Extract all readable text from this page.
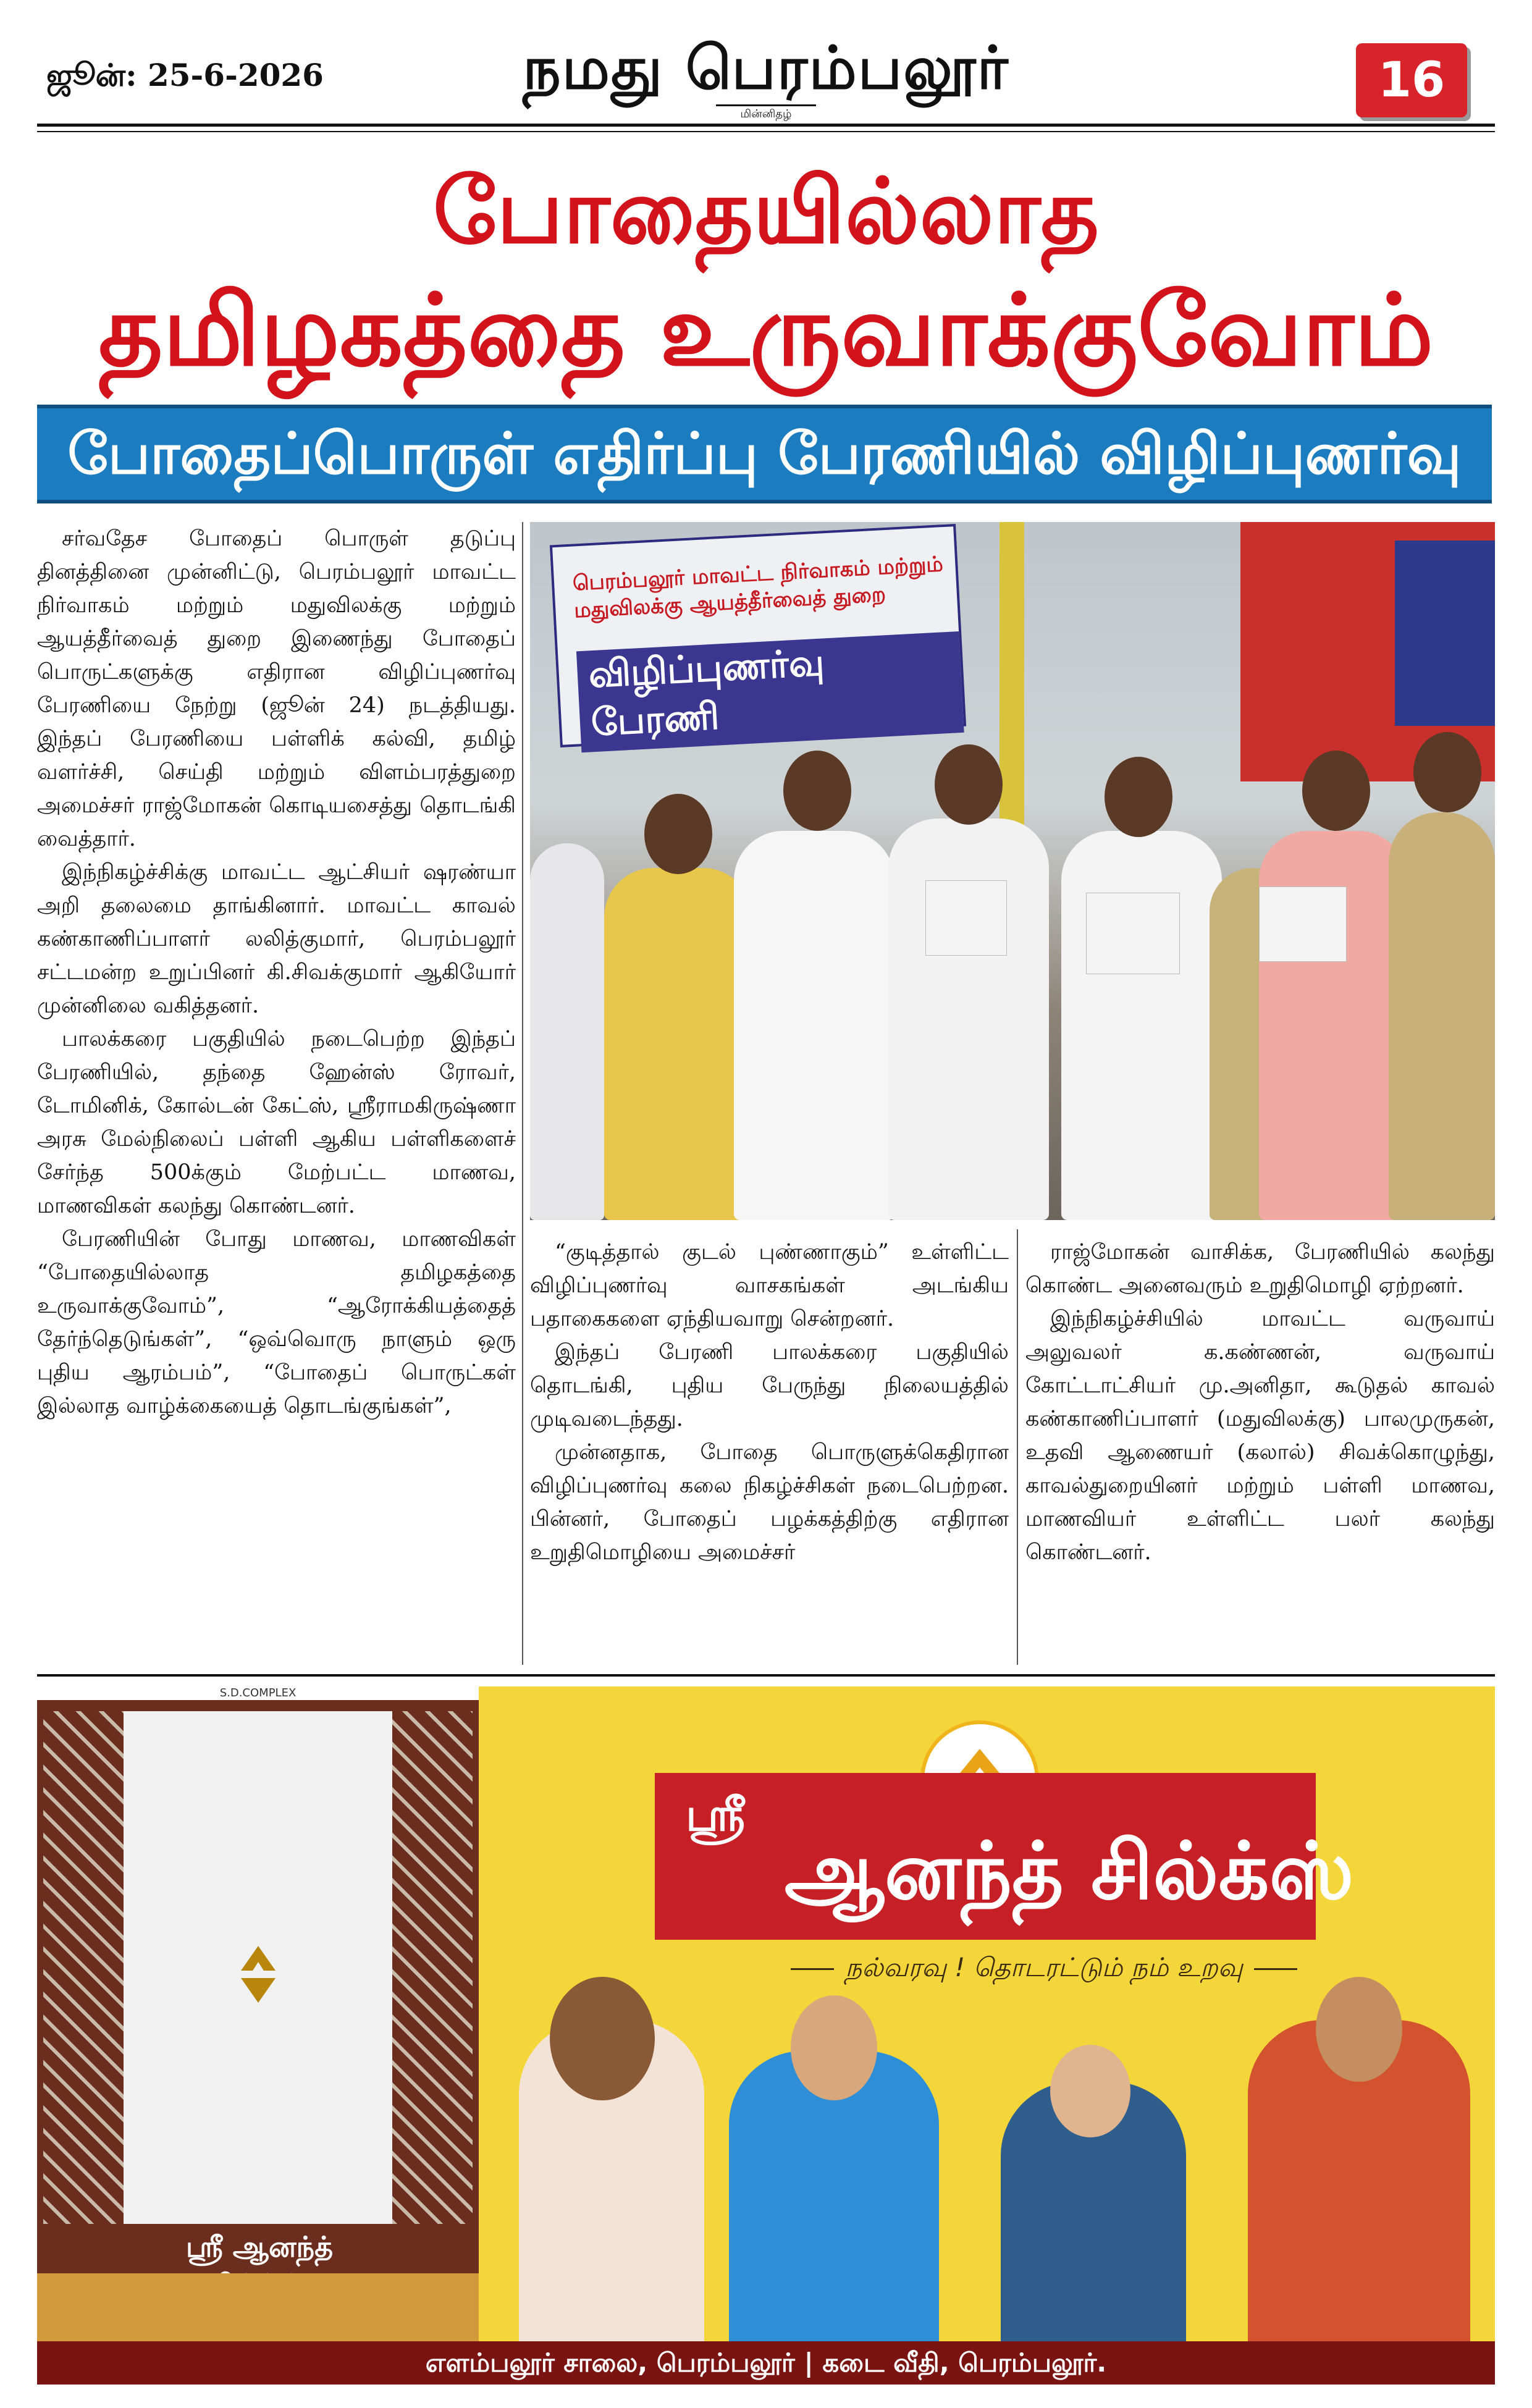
ஜூன்: 25-6-2026	நமது பெரம்பலூர்
மின்னிதழ்
16
போதையில்லாத
தமிழகத்தை உருவாக்குவோம்
போதைப்பொருள் எதிர்ப்பு பேரணியில் விழிப்புணர்வு

சர்வதேச போதைப் பொருள் தடுப்பு தினத்தினை முன்னிட்டு, பெரம்பலூர் மாவட்ட நிர்வாகம் மற்றும் மதுவிலக்கு மற்றும் ஆயத்தீர்வைத் துறை இணைந்து போதைப் பொருட்களுக்கு எதிரான விழிப்புணர்வு பேரணியை நேற்று (ஜூன் 24) நடத்தியது. இந்தப் பேரணியை பள்ளிக் கல்வி, தமிழ் வளர்ச்சி, செய்தி மற்றும் விளம்பரத்துறை அமைச்சர் ராஜ்மோகன் கொடியசைத்து தொடங்கி வைத்தார்.

இந்நிகழ்ச்சிக்கு மாவட்ட ஆட்சியர் ஷரண்யா அறி தலைமை தாங்கினார். மாவட்ட காவல் கண்காணிப்பாளர் லலித்குமார், பெரம்பலூர் சட்டமன்ற உறுப்பினர் கி.சிவக்குமார் ஆகியோர் முன்னிலை வகித்தனர்.

பாலக்கரை பகுதியில் நடைபெற்ற இந்தப் பேரணியில், தந்தை ஹேன்ஸ் ரோவர், டோமினிக், கோல்டன் கேட்ஸ், ஸ்ரீராமகிருஷ்ணா அரசு மேல்நிலைப் பள்ளி ஆகிய பள்ளிகளைச் சேர்ந்த 500க்கும் மேற்பட்ட மாணவ, மாணவிகள் கலந்து கொண்டனர்.

பேரணியின் போது மாணவ, மாணவிகள் “போதையில்லாத தமிழகத்தை உருவாக்குவோம்”, “ஆரோக்கியத்தைத் தேர்ந்தெடுங்கள்”, “ஒவ்வொரு நாளும் ஒரு புதிய ஆரம்பம்”, “போதைப் பொருட்கள் இல்லாத வாழ்க்கையைத் தொடங்குங்கள்”,

பெரம்பலூர் மாவட்ட நிர்வாகம் மற்றும் மதுவிலக்கு ஆயத்தீர்வைத் துறை
விழிப்புணர்வு பேரணி

“குடித்தால் குடல் புண்ணாகும்” உள்ளிட்ட விழிப்புணர்வு வாசகங்கள் அடங்கிய பதாகைகளை ஏந்தியவாறு சென்றனர்.

இந்தப் பேரணி பாலக்கரை பகுதியில் தொடங்கி, புதிய பேருந்து நிலையத்தில் முடிவடைந்தது.

முன்னதாக, போதை பொருளுக்கெதிரான விழிப்புணர்வு கலை நிகழ்ச்சிகள் நடைபெற்றன. பின்னர், போதைப் பழக்கத்திற்கு எதிரான உறுதிமொழியை அமைச்சர்

ராஜ்மோகன் வாசிக்க, பேரணியில் கலந்து கொண்ட அனைவரும் உறுதிமொழி ஏற்றனர்.

இந்நிகழ்ச்சியில் மாவட்ட வருவாய் அலுவலர் க.கண்ணன், வருவாய் கோட்டாட்சியர் மு.அனிதா, கூடுதல் காவல் கண்காணிப்பாளர் (மதுவிலக்கு) பாலமுருகன், உதவி ஆணையர் (கலால்) சிவக்கொழுந்து, காவல்துறையினர் மற்றும் பள்ளி மாணவ, மாணவியர் உள்ளிட்ட பலர் கலந்து கொண்டனர்.

S.D.COMPLEX
ஸ்ரீ ஆனந்த்
ஸ்ரீ
ஆனந்த் சில்க்ஸ்
நல்வரவு ! தொடரட்டும் நம் உறவு
எளம்பலூர் சாலை, பெரம்பலூர் | கடை வீதி, பெரம்பலூர்.
